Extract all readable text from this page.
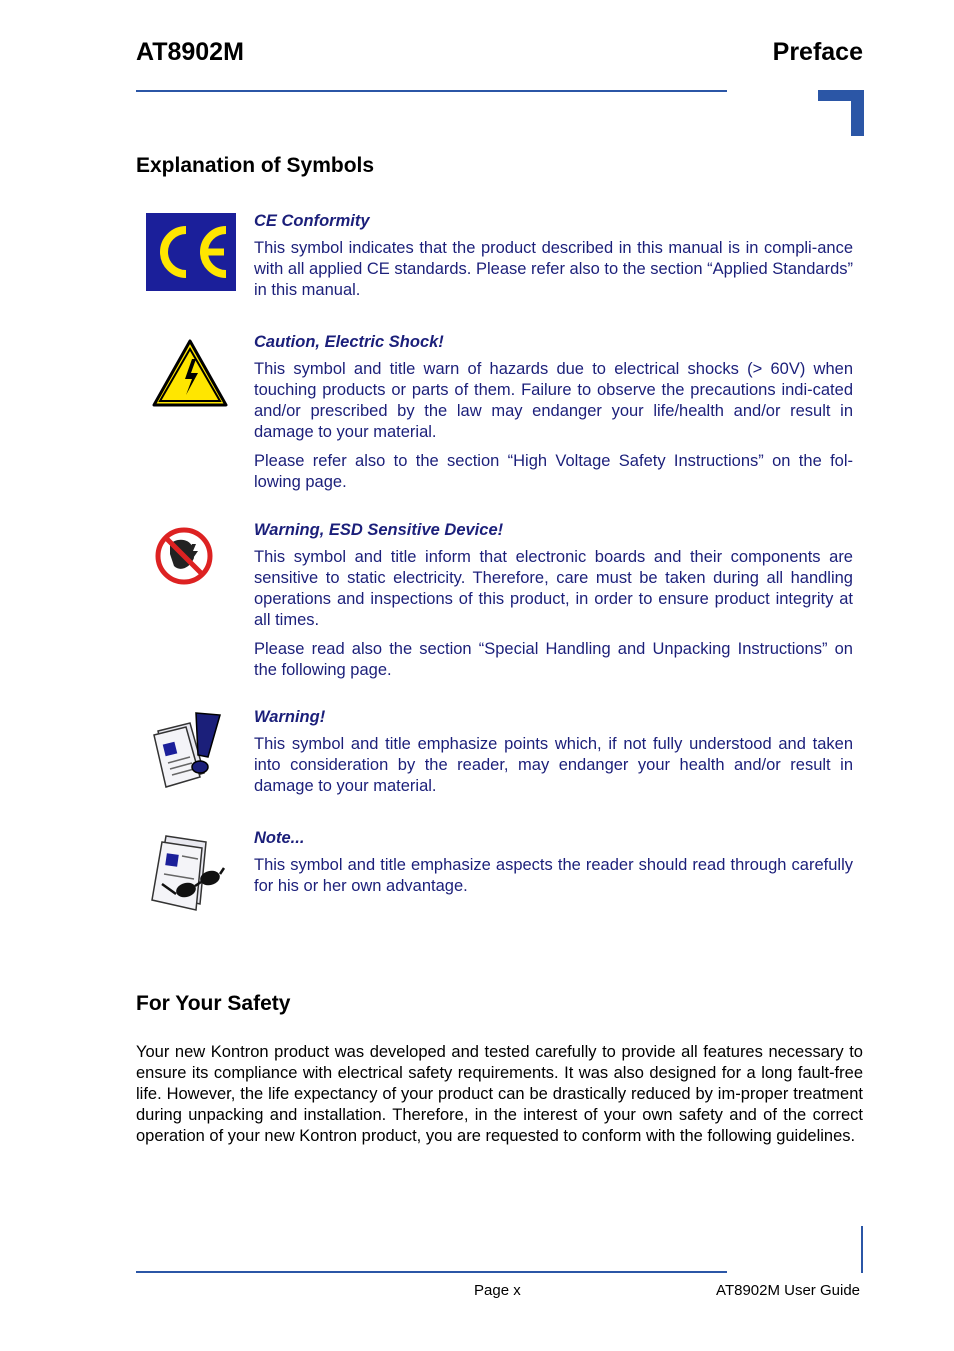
AT8902M	Preface
Explanation of Symbols
CE Conformity

This symbol indicates that the product described in this manual is in compli-ance with all applied CE standards. Please refer also to the section “Applied Standards” in this manual.

Caution, Electric Shock!

This symbol and title warn of hazards due to electrical shocks (> 60V) when touching products or parts of them. Failure to observe the precautions indi-cated and/or prescribed by the law may endanger your life/health and/or result in damage to your material.

Please refer also to the section “High Voltage Safety Instructions” on the fol-lowing page.

Warning, ESD Sensitive Device!

This symbol and title inform that electronic boards and their components are sensitive to static electricity. Therefore, care must be taken during all handling operations and inspections of this product, in order to ensure product integrity at all times.

Please read also the section “Special Handling and Unpacking Instructions” on the following page.

Warning!

This symbol and title emphasize points which, if not fully understood and taken into consideration by the reader, may endanger your health and/or result in damage to your material.

Note...

This symbol and title emphasize aspects the reader should read through carefully for his or her own advantage.

For Your Safety

Your new Kontron product was developed and tested carefully to provide all features necessary to ensure its compliance with electrical safety requirements. It was also designed for a long fault-free life. However, the life expectancy of your product can be drastically reduced by im-proper treatment during unpacking and installation. Therefore, in the interest of your own safety and of the correct operation of your new Kontron product, you are requested to conform with the following guidelines.

Page x	AT8902M User Guide
